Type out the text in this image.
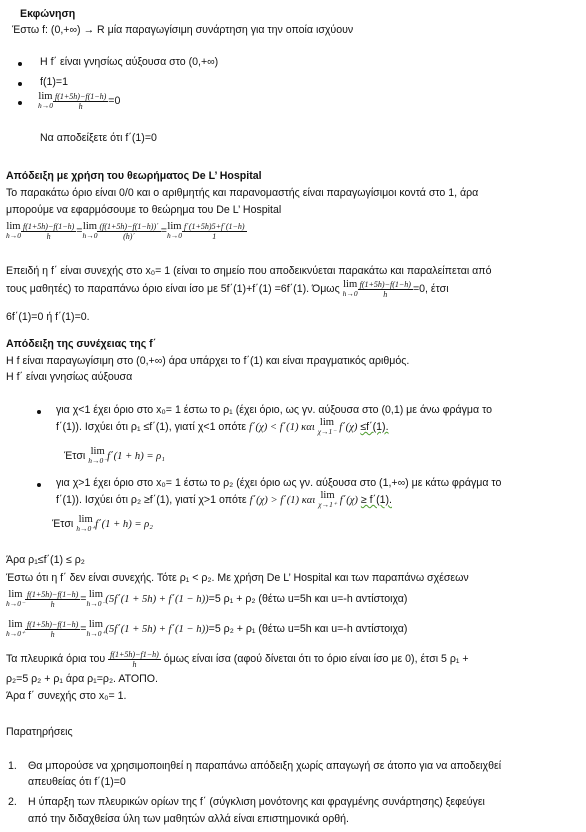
Εκφώνηση
Έστω f: (0,+∞) → R μία παραγωγίσιμη συνάρτηση για την οποία ισχύουν
Η f΄ είναι γνησίως αύξουσα στο (0,+∞)
f(1)=1
lim
$h\to 0 \frac{f(1+5h)-f(1-h)}{h} =0$
Να αποδείξετε ότι f΄(1)=0
Απόδειξη με χρήση του θεωρήματος De L’ Hospital
Το παρακάτω όριο είναι 0/0 και ο αριθμητής και παρανομαστής είναι παραγωγίσιμοι κοντά στο 1, άρα
μπορούμε να εφαρμόσουμε το θεώρημα του De L’ Hospital
lim
$h\to 0 \frac{f(1+5h)-f(1-h)}{h} =\lim$
$h\to 0 \frac{(f(1+5h)-f(1-h))΄}{(h)΄} =\lim$
$h\to 0 \frac{f΄(1+5h)5+f΄(1-h)}{1}$
Επειδή η f΄ είναι συνεχής στο x₀= 1 (είναι το σημείο που αποδεικνύεται παρακάτω και παραλείπεται από
τους μαθητές) το παραπάνω όριο είναι ίσο με 5f΄(1)+f΄(1) =6f΄(1). Όμως lim
$h\to 0 \frac{f(1+5h)-f(1-h)}{h} =0$, έτσι
6f΄(1)=0 ή f΄(1)=0.
Απόδειξη της συνέχειας της f΄
Η f είναι παραγωγίσιμη στο (0,+∞) άρα υπάρχει το f΄(1) και είναι πραγματικός αριθμός.
Η f΄ είναι γνησίως αύξουσα
για χ<1 έχει όριο στο x₀= 1 έστω το ρ₁ (έχει όριο, ως γν. αύξουσα στο (0,1) με άνω φράγμα το
f΄(1)). Ισχύει ότι ρ₁ ≤f΄(1), γιατί χ<1 οπότε f΄(χ) < f΄(1) και lim
χ→1⁻ f΄(χ) ≤f΄(1).
Έτσι lim
h→0⁻ f΄(1 + h) = ρ₁
για χ>1 έχει όριο στο x₀= 1 έστω το ρ₂ (έχει όριο ως γν. αύξουσα στο (1,+∞) με κάτω φράγμα το
f΄(1)). Ισχύει ότι ρ₂ ≥f΄(1), γιατί χ>1 οπότε f΄(χ) > f΄(1) και lim
χ→1⁺ f΄(χ) ≥ f΄(1).
Έτσι lim
h→0⁺ f΄(1 + h) = ρ₂
Άρα ρ₁≤f΄(1) ≤ ρ₂
Έστω ότι η f΄ δεν είναι συνεχής. Τότε ρ₁ < ρ₂. Με χρήση De L’ Hospital και των παραπάνω σχέσεων
lim
$h\to 0^- \frac{f(1+5h)-f(1-h)}{h} = \lim$
h→0⁻ (5f΄(1 + 5h) + f΄(1 − h))=5 ρ₁ + ρ₂ (θέτω u=5h και u=-h αντίστοιχα)
lim
$h\to 0^+ \frac{f(1+5h)-f(1-h)}{h} = \lim$
h→0⁺ (5f΄(1 + 5h) + f΄(1 − h))=5 ρ₂ + ρ₁ (θέτω u=5h και u=-h αντίστοιχα)
Τα πλευρικά όρια του $\frac{f(1+5h)-f1-h)}{h}$ όμως είναι ίσα (αφού δίνεται ότι το όριο είναι ίσο με 0), έτσι 5 ρ₁ +
ρ₂=5 ρ₂ + ρ₁ άρα ρ₁=ρ₂. ΑΤΟΠΟ.
Άρα f΄ συνεχής στο x₀= 1.
Παρατηρήσεις
1.	Θα μπορούσε να χρησιμοποιηθεί η παραπάνω απόδειξη χωρίς απαγωγή σε άτοπο για να αποδειχθεί
απευθείας ότι f΄(1)=0
2.	Η ύπαρξη των πλευρικών ορίων της f΄ (σύγκλιση μονότονης και φραγμένης συνάρτησης) ξεφεύγει
από την διδαχθείσα ύλη των μαθητών αλλά είναι επιστημονικά ορθή.
